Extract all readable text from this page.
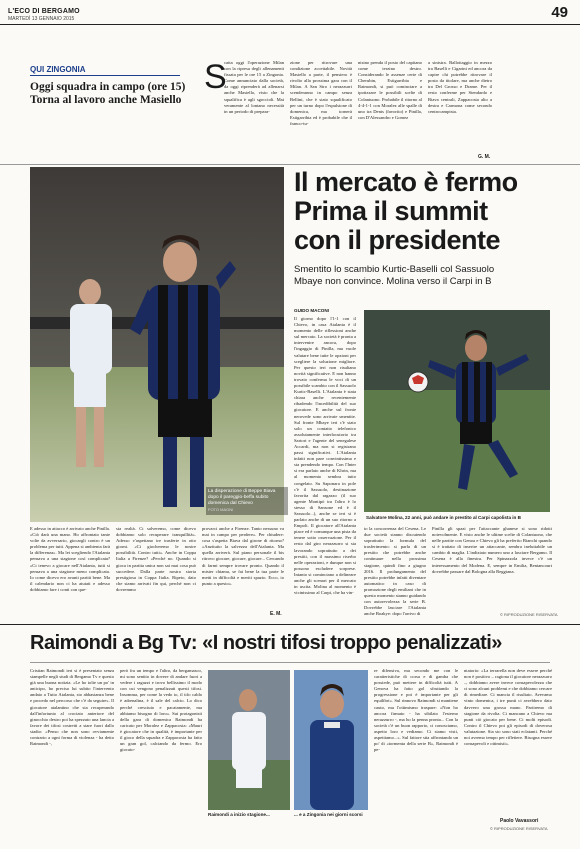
L'ECO DI BERGAMO
MARTEDÌ 13 GENNAIO 2015	49
QUI ZINGONIA
Oggi squadra in campo (ore 15)
Torna al lavoro anche Masiello
S
catta oggi l'operazione Milan con la ripresa degli allenamenti fissata per le ore 15 a Zingonia. Come annunciato dalla società, da oggi riprenderà ad allenarsi anche Masiello, visto che la squalifica è agli sgoccioli. Mai veramente al lontano necessità in un periodo di prepara-
zione per ritrovare una condizione accettabile. Novità Masiello a parte, il pensiero è rivolto alla prossima gara con il Milan. A San Siro i nerazzurri scenderanno in campo senza Bellini, che è stato squalificato per un turno dopo l'espulsione di domenica, ma tornerà Estigarribia ed è probabile che il franco-tu-
nisino prenda il posto del capitano come terzino destro. Considerando le assenze certe di Cherubin, Estigarribia e Raimondi, si può cominciare a ipotizzare le possibili scelte di Colantuono. Probabile il ritorno al 4-4-1-1 con Moralez alle spalle di uno tra Denis (favorito) e Pinilla, con D'Alessandro e Gomez
a sinistra. Ballottaggio in mezzo tra Baselli e Cigarini ed ancora da capire chi potrebbe ritrovare il posto da titolare, ma anche dietro tra Del Grosso e Drame. Per il resto conferme per Stendardo e Biava centrali, Zappacosta alto a destra e Carmona come secondo centrocampista.
G. M.
La disperazione di Beppe Biava dopo il pareggio-beffa subito domenica dal Chievo
FOTO MAGNI
Il mercato è fermo
Prima il summit
con il presidente
Smentito lo scambio Kurtic-Baselli col Sassuolo
Mbaye non convince. Molina verso il Carpi in B
GUIDO MACONI
Il giorno dopo l'1-1 con il Chievo, in casa Atalanta è il momento delle riflessioni anche sul mercato. La società è pronta a intervenire ancora, dopo l'ingaggio di Pinilla, ma vuole valutare bene tutte le opzioni per scegliere la soluzione migliore. Per questo ieri non risultano novità significative. E non hanno trovato conferma le voci di un possibile scambio con il Sassuolo Kurtic-Baselli. L'Atalanta è stata chiara anche recentemente ribadendo l'incedibilità del suo giocatore. E anche sul fronte nerovede sono arrivate smentite. Sul fronte Mbaye ieri c'è stato solo un contatto telefonico assolutamente interlocutorio tra Sartori e l'agente del senegalese Accardi, ma non si registrano passi significativi. L'Atalanta infatti non pare convintissima e sta prendendo tempo. Con l'Inter si era parlato anche di Khrin, ma al momento sembra tutto congelato. Su Saponara in pole c'è il Sassuolo, destinazione favorita dal ragazzo (il suo agente Montipò tra l'altro è lo stesso di Sansone ed è il Sassuolo...), anche se ieri si è parlato anche di un suo ritorno a Empoli. Il giocatore all'Atalanta piace ed è comunque una pista da tenere sotto osservazione. Per il resto dal giro nerazzurro si sta lavorando soprattutto a dei prestiti, con il massimo riserbo nelle operazioni, e dunque non si possono escludere sorprese. Intanto si cominciano a delineare anche gli scenari per il mercato in uscita. Molina al momento è vicinissimo al Carpi, che ha vin-
Salvatore Molina, 22 anni, può andare in prestito al Carpi capolista in B
to la concorrenza del Cesena. Le due società stanno discutendo soprattutto la formula del trasferimento: si parla di un prestito che potrebbe anche continuare nella prossima stagione, quindi fino a giugno 2016. Il prolungamento del prestito potrebbe infatti diventare automatico in caso di promozione degli emiliani che in questo momento stanno guidando con autorevolezza la serie B. Dovrebbe lasciare l'Atalanta anche Boakye: dopo l'arrivo di
Pinilla gli spazi per l'attaccante ghanese si sono ridotti notevolmente. E visto anche le ultime scelte di Colantuono, che nelle partite con Genoa e Chievo gli ha preferito Bianchi quando si è trattato di inserire un attaccante, sembra ineluttabile un cambio di maglia. L'indiziato numero uno a lasciare Bergamo. Il Cesena è alla finestra. Per Spinazzola invece c'è un interessamento del Modena. E, sempre in Emilia, Bentancourt dovrebbe passare dal Bologna alla Reggiana.
© RIPRODUZIONE RISERVATA
E adesso in attacco è arrivato anche Pinilla. «Ciò darà una mano. Ho affrontato tante volte da avversario, giocargli contro è un problema per tutti. Appena si ambienta farà la differenza». Ma lei scegliendo l'Atalanta pensava a una stagione così complicata? «Ci tenevo a giocare nell'Atalanta, tutti si pensava a una stagione meno complicata. Io come dicevo ero avanti partiti bene. Ma il calendario non ci ha aiutati e adesso dobbiamo fare i conti con que-
sta realtà. Ci salveremo, come dicevo dobbiamo solo recuperare tranquillità». Adesso v'aspettano tre trasferte in otto giorni. «Ci giocheremo le nostre possibilità. Contro tutti». Anche in Coppa Italia a Firenze? «Perché no. Quando si gioca in partita unica non sai mai cosa può succedere. Dalla parte nostra storia prestigiosa in Coppa Italia. Ripeto, dato che siamo arrivati fin qui, perché non ci dovremmo
provarci anche a Firenze. Tanto nessuno va mai in campo per perdere». Per chiudere: cosa s'aspetta Biava dal girone di ritorno? «Anzitutto la salvezza dell'Atalanta. Ma quella arriverà. Sul piano personale il bis ritrovo giocare, giocare, giocare... Cercando di farmi sempre trovare pronto. Quando il mister chiama, se fai bene la tua parte le metti in difficoltà e meriti spazio. Ecco, io punto a questo».
E. M.
Raimondi a Bg Tv: «I nostri tifosi troppo penalizzati»
Cristian Raimondi ieri si è presentato senza stampelle negli studi di Bergamo Tv e questo già una buona notizia. «Le ho tolte un po' in anticipo, ho preciso lui subito l'intervento andato a Tutto Atalanta, sto abbastanza bene e procedo nel percorso che c'è da seguire». Il giocatore atalantino che sta recuperando dall'infortunio al crociato anteriore del ginocchio destro poi ha spezzato una lancia a favore dei tifosi costretti a stare fuori dallo stadio: «Penso che non sono ovviamente contrario a ogni forma di violenza - ha detto Raimondi -,
però fra un tempo e l'altro, da bergamasco, mi sono sentito in dovere di andare fuori a vedere i ragazzi e trovo bellissimo il modo con cui vengono penalizzati questi tifosi. Insomma, per come la vedo io, il tifo caldo è adrenalina, è il sale del calcio. Lo dico perché cresciuto e pacatamente, ma abbiamo bisogno di loro». Sui protagonisti della gara di domenica Raimondi ha caricato per Moralez e Zappacosta: «Mauri è giocatore che in qualità, è importante per il gioco della squadra e Zappacosta ha fatto un gran gol, calciando da fermo. Ero giocato-
Raimondi a inizio stagione...	... e a Zingonia nei giorni scorsi
re difensiva, ma secondo me con le caratteristiche di corsa e di gamba che possiede, può mettere in difficoltà tutti. A Genova ha fatto gol sfruttando la progressione e poi è importante per gli equilibri». Sul rinnovo Raimondi si mantiene cauto, ma l'ottimismo traspare: «Non ho ancora firmato - ha sibilato l'esterno nerazzurro -, ma ho la penna pronta... Con la società c'è un buon rapporto, ci conosciamo, aspetto loro e vediamo. Ci siamo visti, aspettiamo...». Sul fattore stia affrontando un po' di «tormenta della serie B», Raimondi è pe-
ntatorio: «La terrarella non deve essere perché non è positivo – ragiona il giocatore nerazzurro –, dobbiamo avere invece consapevolezza che ci sono alcuni problemi e che dobbiamo cercare di rimediare. Ci mancia il risultato. Avevamo vinto domenica, i tre punti ci avrebbero dato davvero una grossa mano. Partiremo di stagione da rivolta. Ci mancano a Chievo ma punti ciò giocato per bene. Ci molti episodi. Contro il Chievo poi gli episodi di doverosa valutazione. Sia sto sono stati eclatanti. Perché noi avremo tempo per riflettere. Bisogna essere consapevoli e ottimisti».
Paolo Vavassori
© RIPRODUZIONE RISERVATA
